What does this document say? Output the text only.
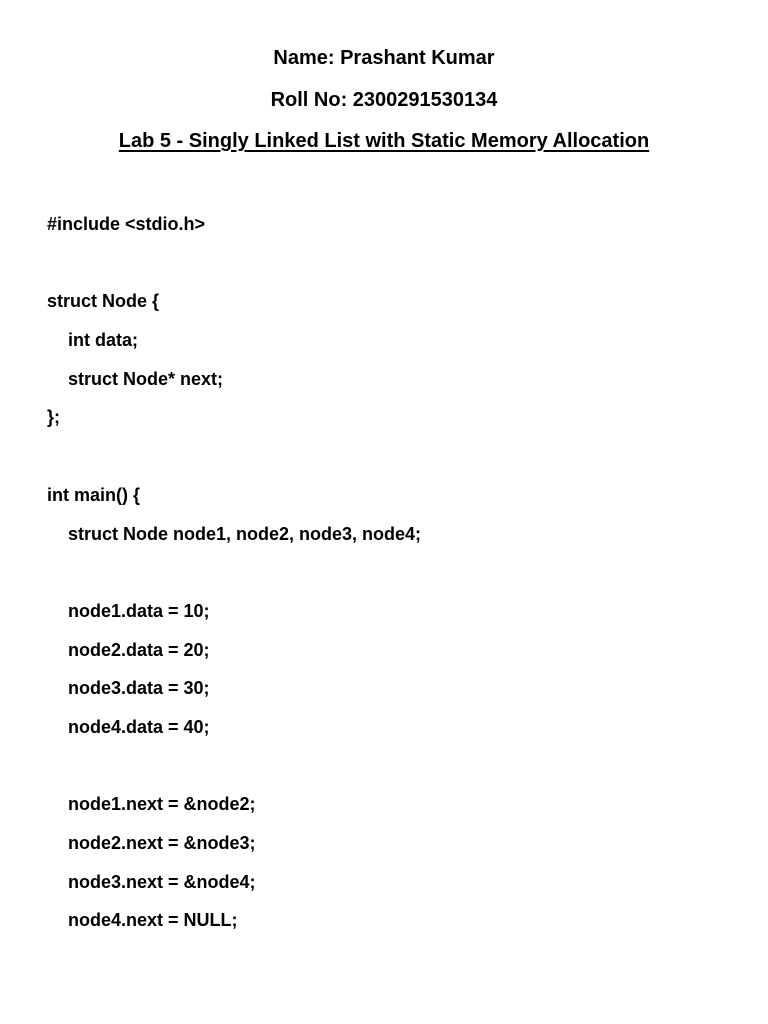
Name: Prashant Kumar
Roll No: 2300291530134
Lab 5 - Singly Linked List with Static Memory Allocation
#include <stdio.h>
struct Node {
int data;
struct Node* next;
};
int main() {
struct Node node1, node2, node3, node4;
node1.data = 10;
node2.data = 20;
node3.data = 30;
node4.data = 40;
node1.next = &node2;
node2.next = &node3;
node3.next = &node4;
node4.next = NULL;
